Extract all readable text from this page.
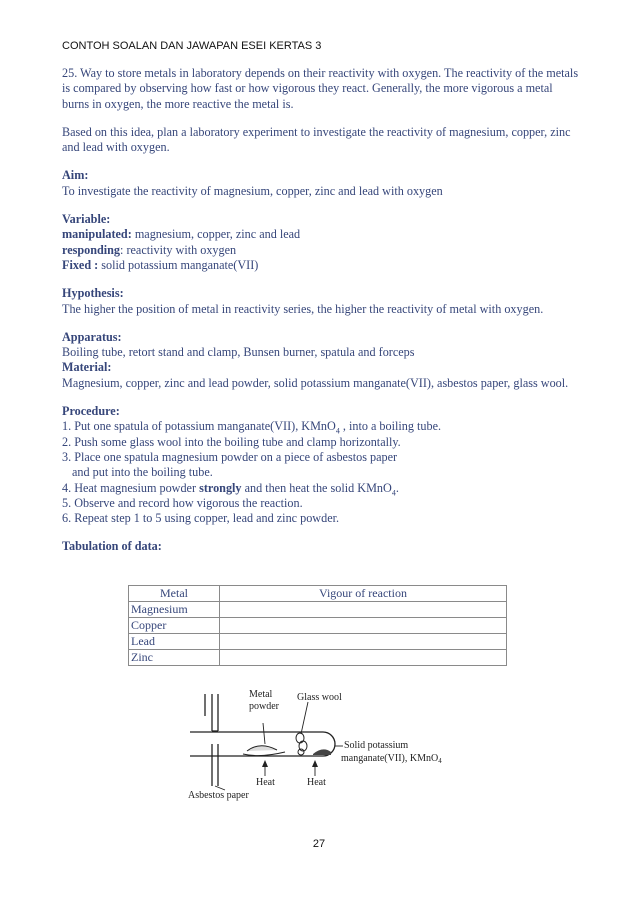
CONTOH SOALAN DAN JAWAPAN ESEI KERTAS 3

25. Way to store metals in laboratory depends on their reactivity with oxygen. The reactivity of the metals is compared by observing how fast or how vigorous they react. Generally, the more vigorous a metal burns in oxygen, the more reactive the metal is.

Based on this idea, plan a laboratory experiment to investigate the reactivity of magnesium, copper, zinc and lead with oxygen.

Aim:

To investigate the reactivity of magnesium, copper, zinc and lead with oxygen

Variable:

manipulated: magnesium, copper, zinc and lead

responding: reactivity with oxygen

Fixed : solid potassium manganate(VII)

Hypothesis:

The higher the position of metal in reactivity series, the higher the reactivity of metal with oxygen.

Apparatus:

Boiling tube, retort stand and clamp, Bunsen burner, spatula and forceps

Material:

Magnesium, copper, zinc and lead powder, solid potassium manganate(VII), asbestos paper, glass wool.

Procedure:

1. Put one spatula of potassium manganate(VII), KMnO$_4$ , into a boiling tube.

2. Push some glass wool into the boiling tube and clamp horizontally.

3. Place one spatula magnesium powder on a piece of asbestos paper

and put into the boiling tube.

4. Heat magnesium powder strongly and then heat the solid KMnO$_4$.

5. Observe and record how vigorous the reaction.

6. Repeat step 1 to 5 using copper, lead and zinc powder.

Tabulation of data:

Metal	Vigour of reaction
Magnesium	
Copper	
Lead	
Zinc	
Metal
powder
Glass wool
Solid potassium
manganate(VII), KMnO$_4$
Heat	Heat
Asbestos paper
27
